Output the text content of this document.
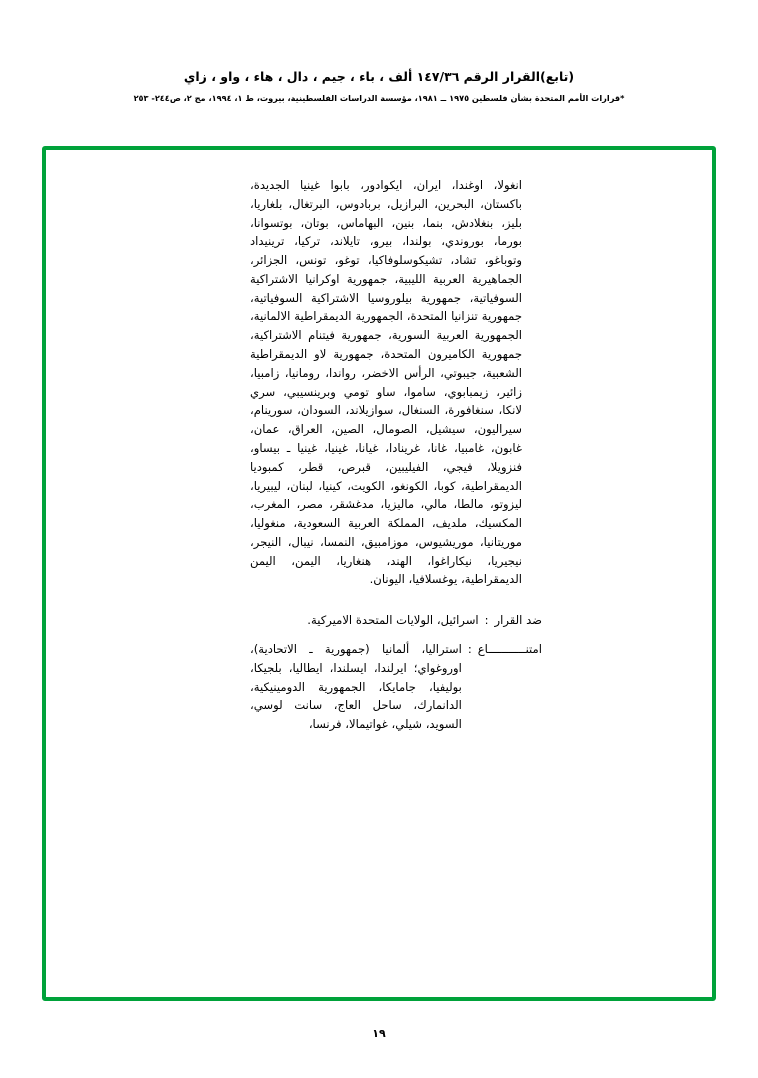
(تابع)القرار الرقم ١٤٧/٣٦ ألف ، باء ، جيم ، دال ، هاء ، واو ، زاي
*قرارات الأمم المتحدة بشأن فلسطين ١٩٧٥ ــ ١٩٨١، مؤسسة الدراسات الفلسطينية، بيروت، ط ١، ١٩٩٤، مج ٢، ص٢٤٤- ٢٥٣
انغولا، اوغندا، ايران، ايكوادور، بابوا غينيا الجديدة، باكستان، البحرين، البرازيل، بربادوس، البرتغال، بلغاريا، بليز، بنغلادش، بنما، بنين، البهاماس، بوتان، بوتسوانا، بورما، بوروندي، بولندا، بيرو، تايلاند، تركيا، ترينيداد وتوباغو، تشاد، تشيكوسلوفاكيا، توغو، تونس، الجزائر، الجماهيرية العربية الليبية، جمهورية اوكرانيا الاشتراكية السوفياتية، جمهورية بيلوروسيا الاشتراكية السوفياتية، جمهورية تنزانيا المتحدة، الجمهورية الديمقراطية الالمانية، الجمهورية العربية السورية، جمهورية فيتنام الاشتراكية، جمهورية الكاميرون المتحدة، جمهورية لاو الديمقراطية الشعبية، جيبوتي، الرأس الاخضر، رواندا، رومانيا، زامبيا، زائير، زيمبابوي، ساموا، ساو تومي وبرينسيبي، سري لانكا، سنغافورة، السنغال، سوازيلاند، السودان، سورينام، سيراليون، سيشيل، الصومال، الصين، العراق، عمان، غابون، غامبيا، غانا، غرينادا، غيانا، غينيا، غينيا ـ بيساو، فنزويلا، فيجي، الفيليبين، قبرص، قطر، كمبوديا الديمقراطية، كوبا، الكونغو، الكويت، كينيا، لبنان، ليبيريا، ليزوتو، مالطا، مالي، ماليزيا، مدغشقر، مصر، المغرب، المكسيك، ملديف، المملكة العربية السعودية، منغوليا، موريتانيا، موريشيوس، موزامبيق، النمسا، نيبال، النيجر، نيجيريا، نيكاراغوا، الهند، هنغاريا، اليمن، اليمن الديمقراطية، يوغسلافيا، اليونان.
ضد القرار
:
اسرائيل، الولايات المتحدة الاميركية.
امتنـــــــــــاع
:
استراليا، ألمانيا (جمهورية ـ الاتحادية)، اوروغواي؛ ايرلندا، ايسلندا، ايطاليا، بلجيكا، بوليفيا، جامايكا، الجمهورية الدومينيكية، الدانمارك، ساحل العاج، سانت لوسي، السويد، شيلي، غواتيمالا، فرنسا،
١٩
